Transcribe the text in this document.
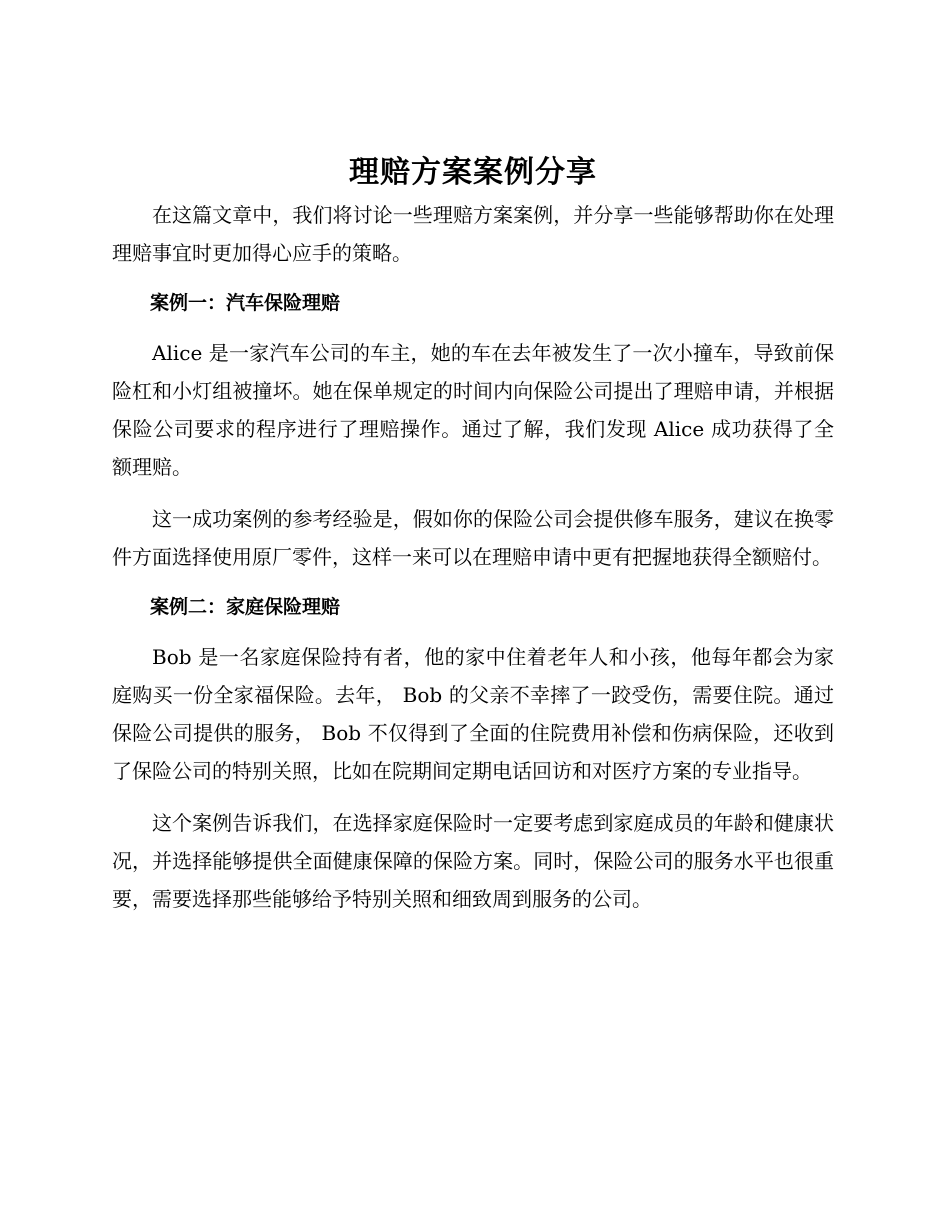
理赔方案案例分享

在这篇文章中，我们将讨论一些理赔方案案例，并分享一些能够帮助你在处理理赔事宜时更加得心应手的策略。

案例一：汽车保险理赔

Alice 是一家汽车公司的车主，她的车在去年被发生了一次小撞车，导致前保险杠和小灯组被撞坏。她在保单规定的时间内向保险公司提出了理赔申请，并根据保险公司要求的程序进行了理赔操作。通过了解，我们发现 Alice 成功获得了全额理赔。

这一成功案例的参考经验是，假如你的保险公司会提供修车服务，建议在换零件方面选择使用原厂零件，这样一来可以在理赔申请中更有把握地获得全额赔付。

案例二：家庭保险理赔

Bob 是一名家庭保险持有者，他的家中住着老年人和小孩，他每年都会为家庭购买一份全家福保险。去年， Bob 的父亲不幸摔了一跤受伤，需要住院。通过保险公司提供的服务， Bob 不仅得到了全面的住院费用补偿和伤病保险，还收到了保险公司的特别关照，比如在院期间定期电话回访和对医疗方案的专业指导。

这个案例告诉我们，在选择家庭保险时一定要考虑到家庭成员的年龄和健康状况，并选择能够提供全面健康保障的保险方案。同时，保险公司的服务水平也很重要，需要选择那些能够给予特别关照和细致周到服务的公司。
